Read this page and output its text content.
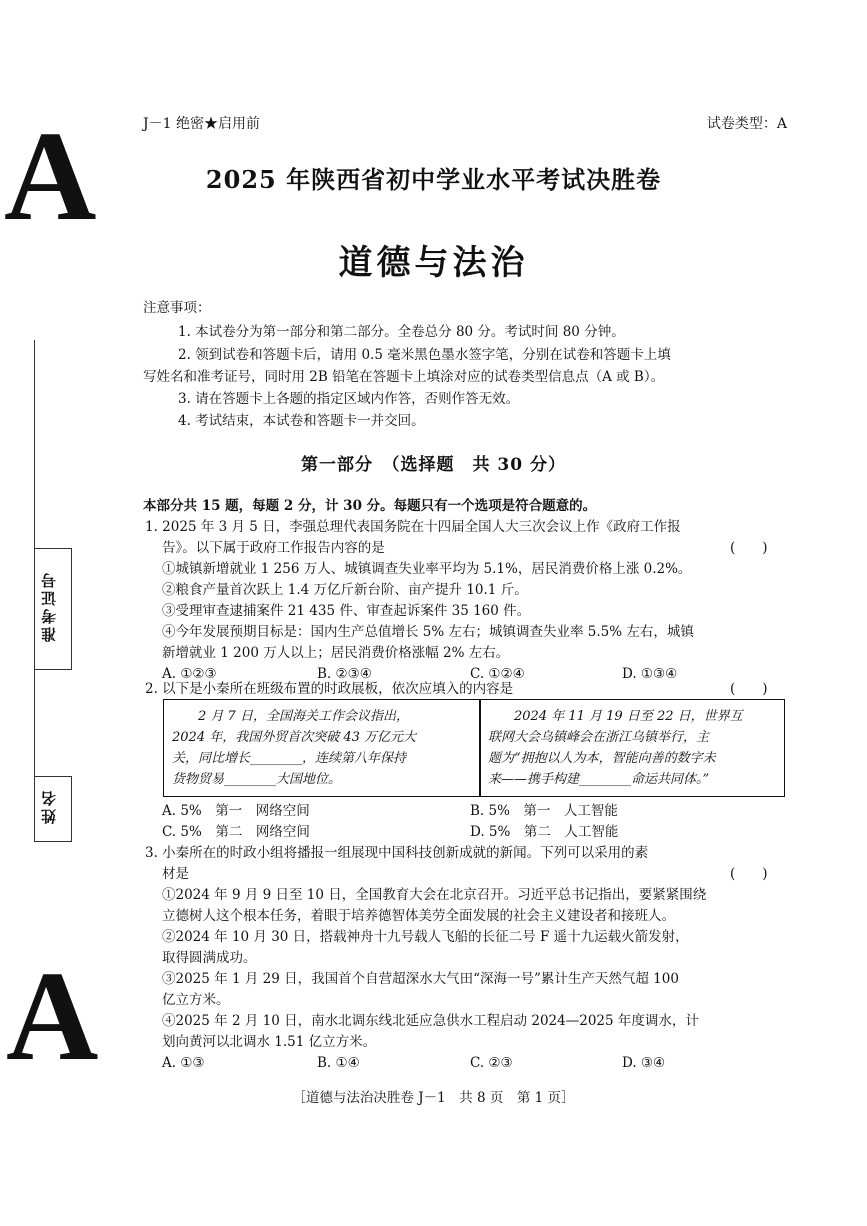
A
A
J－1 绝密★启用前	试卷类型：A
2025 年陕西省初中学业水平考试决胜卷
道德与法治
准考证号
姓名
注意事项：
1. 本试卷分为第一部分和第二部分。全卷总分 80 分。考试时间 80 分钟。
2. 领到试卷和答题卡后，请用 0.5 毫米黑色墨水签字笔，分别在试卷和答题卡上填
写姓名和准考证号，同时用 2B 铅笔在答题卡上填涂对应的试卷类型信息点（A 或 B）。
3. 请在答题卡上各题的指定区域内作答，否则作答无效。
4. 考试结束，本试卷和答题卡一并交回。
第一部分　（选择题　共 30 分）
本部分共 15 题，每题 2 分，计 30 分。每题只有一个选项是符合题意的。
1. 2025 年 3 月 5 日，李强总理代表国务院在十四届全国人大三次会议上作《政府工作报
告》。以下属于政府工作报告内容的是	(　　)
①城镇新增就业 1 256 万人、城镇调查失业率平均为 5.1%，居民消费价格上涨 0.2%。
②粮食产量首次跃上 1.4 万亿斤新台阶、亩产提升 10.1 斤。
③受理审查逮捕案件 21 435 件、审查起诉案件 35 160 件。
④今年发展预期目标是：国内生产总值增长 5% 左右；城镇调查失业率 5.5% 左右，城镇
新增就业 1 200 万人以上；居民消费价格涨幅 2% 左右。
A. ①②③	B. ②③④	C. ①②④	D. ①③④
2. 以下是小秦所在班级布置的时政展板，依次应填入的内容是	(　　)
　　2 月 7 日，全国海关工作会议指出，
2024 年，我国外贸首次突破 43 万亿元大
关，同比增长________，连续第八年保持
货物贸易________大国地位。
　　2024 年 11 月 19 日至 22 日，世界互
联网大会乌镇峰会在浙江乌镇举行，主
题为“拥抱以人为本，智能向善的数字未
来——携手构建________命运共同体。”
A. 5%　第一　网络空间	B. 5%　第一　人工智能
C. 5%　第二　网络空间	D. 5%　第二　人工智能
3. 小秦所在的时政小组将播报一组展现中国科技创新成就的新闻。下列可以采用的素
材是	(　　)
①2024 年 9 月 9 日至 10 日，全国教育大会在北京召开。习近平总书记指出，要紧紧围绕
立德树人这个根本任务，着眼于培养德智体美劳全面发展的社会主义建设者和接班人。
②2024 年 10 月 30 日，搭载神舟十九号载人飞船的长征二号 F 遥十九运载火箭发射，
取得圆满成功。
③2025 年 1 月 29 日，我国首个自营超深水大气田“深海一号”累计生产天然气超 100
亿立方米。
④2025 年 2 月 10 日，南水北调东线北延应急供水工程启动 2024—2025 年度调水，计
划向黄河以北调水 1.51 亿立方米。
A. ①③	B. ①④	C. ②③	D. ③④
［道德与法治决胜卷 J－1　共 8 页　第 1 页］
